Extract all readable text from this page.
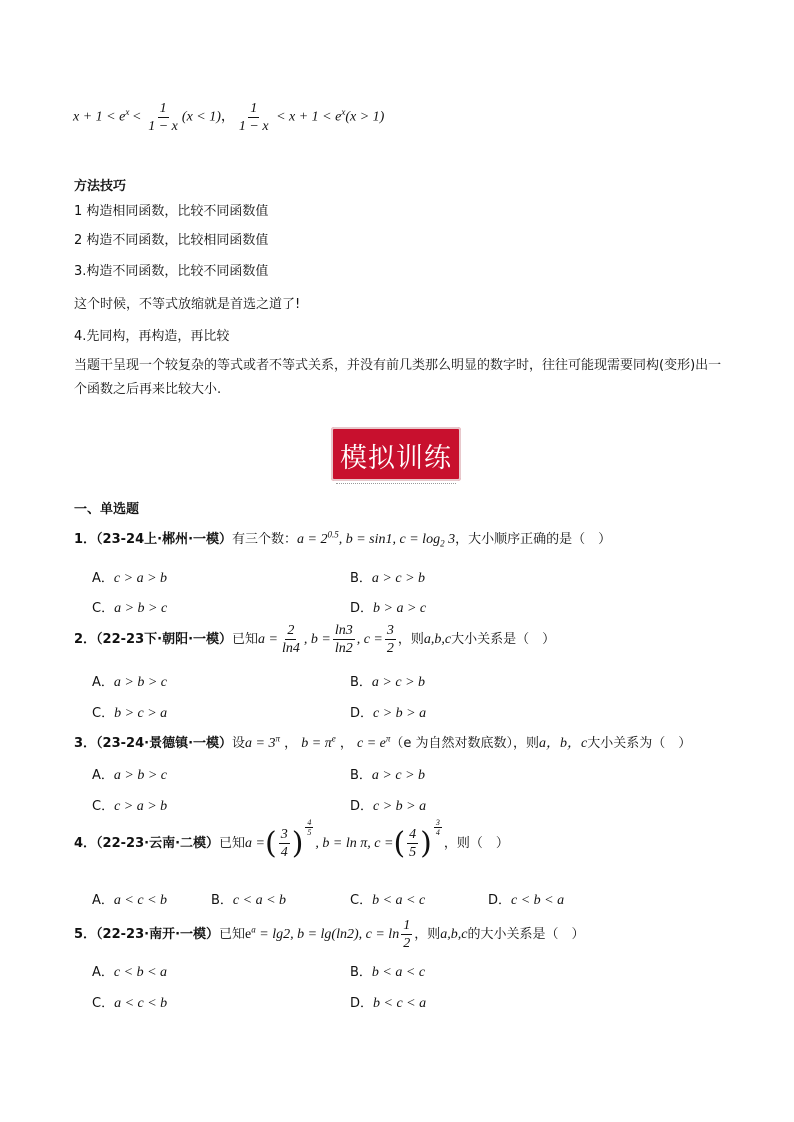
$x + 1 < e^x < \frac{1}{1 - x} (x < 1)$， $\frac{1}{1 - x} < x + 1 < e^x(x > 1)$
方法技巧
1 构造相同函数，比较不同函数值
2 构造不同函数，比较相同函数值
3.构造不同函数，比较不同函数值
这个时候，不等式放缩就是首选之道了!
4.先同构，再构造，再比较
当题干呈现一个较复杂的等式或者不等式关系，并没有前几类那么明显的数字时，往往可能现需要同构(变形)出一个函数之后再来比较大小.
模拟训练
一、单选题
1．（23-24上·郴州·一模）有三个数：$a = 2^{0.5}$, b = sin1, $c = \log_2 3$，大小顺序正确的是（　）
A．c > a > b	B．a > c > b
C．a > b > c	D．b > a > c
2．（22-23下·朝阳·一模）已知$a = \frac{2}{\ln 4}$ , $b = \frac{\ln 3}{\ln 2}$ , $c = \frac{3}{2}$ ，则a,b,c大小关系是（　）
A．a > b > c	B．a > c > b
C．b > c > a	D．c > b > a
3．（23-24·景德镇·一模）设$a = 3^\pi$ ， $b = \pi^e$ ， $c = e^\pi(e$ 为自然对数底数），则a，b，c大小关系为（　）
A．a > b > c	B．a > c > b
C．c > a > b	D．c > b > a
4．（22-23·云南·二模）已知a =( $\frac{3}{4}$ ) $\frac{4}{5}$
, b = ln π, c =( $\frac{4}{5}$ ) $\frac{3}{4}$
，则（　）
A．a < c < b	B．c < a < b	C．b < a < c	D．c < b < a
5．（22-23·南开·一模）已知$e^a = \lg 2$, b = lg(ln2), $c = \ln \frac{1}{2}$ ，则a,b,c的大小关系是（　）
A．c < b < a	B．b < a < c
C．a < c < b	D．b < c < a
